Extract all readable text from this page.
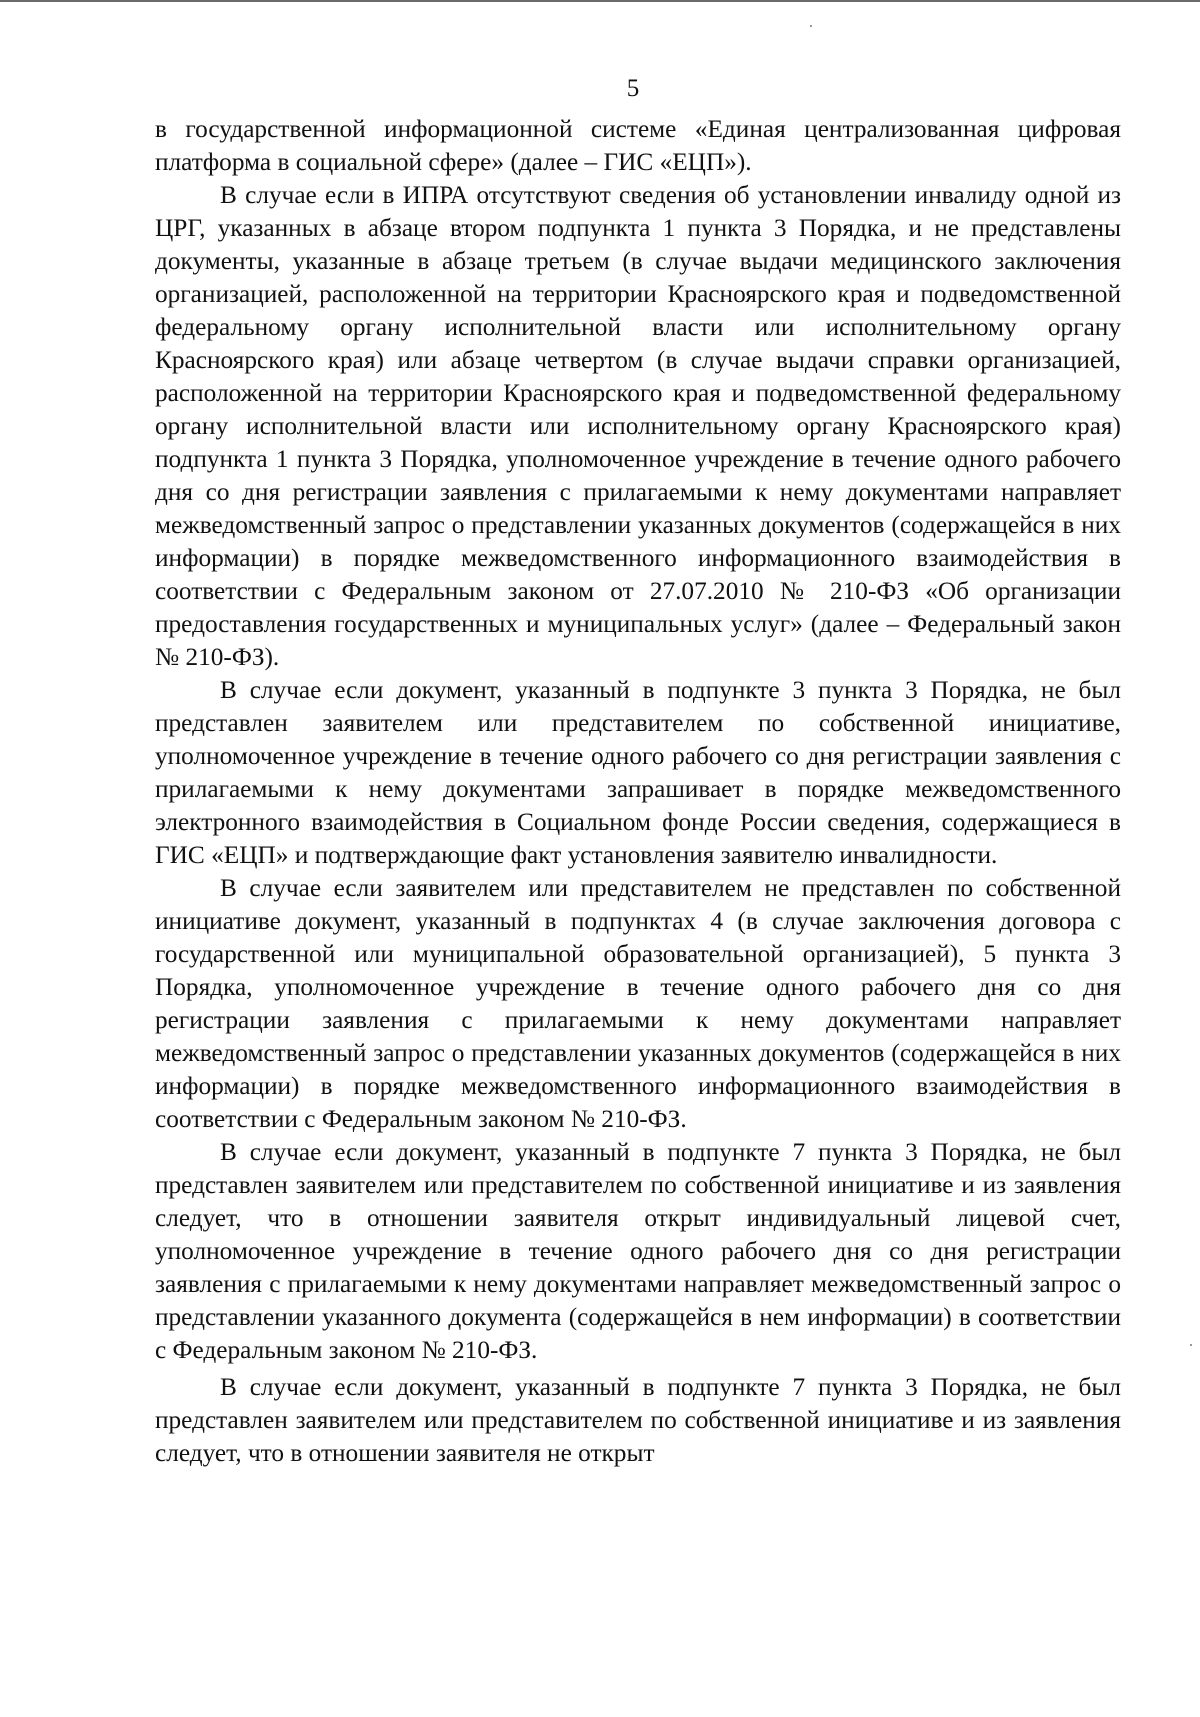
5

в государственной информационной системе «Единая централизованная цифровая платформа в социальной сфере» (далее – ГИС «ЕЦП»).

В случае если в ИПРА отсутствуют сведения об установлении инвалиду одной из ЦРГ, указанных в абзаце втором подпункта 1 пункта 3 Порядка, и не представлены документы, указанные в абзаце третьем (в случае выдачи медицинского заключения организацией, расположенной на территории Красноярского края и подведомственной федеральному органу исполнительной власти или исполнительному органу Красноярского края) или абзаце четвертом (в случае выдачи справки организацией, расположенной на территории Красноярского края и подведомственной федеральному органу исполнительной власти или исполнительному органу Красноярского края) подпункта 1 пункта 3 Порядка, уполномоченное учреждение в течение одного рабочего дня со дня регистрации заявления с прилагаемыми к нему документами направляет межведомственный запрос о представлении указанных документов (содержащейся в них информации) в порядке межведомственного информационного взаимодействия в соответствии с Федеральным законом от 27.07.2010 № 210-ФЗ «Об организации предоставления государственных и муниципальных услуг» (далее – Федеральный закон № 210-ФЗ).

В случае если документ, указанный в подпункте 3 пункта 3 Порядка, не был представлен заявителем или представителем по собственной инициативе, уполномоченное учреждение в течение одного рабочего со дня регистрации заявления с прилагаемыми к нему документами запрашивает в порядке межведомственного электронного взаимодействия в Социальном фонде России сведения, содержащиеся в ГИС «ЕЦП» и подтверждающие факт установления заявителю инвалидности.

В случае если заявителем или представителем не представлен по собственной инициативе документ, указанный в подпунктах 4 (в случае заключения договора с государственной или муниципальной образовательной организацией), 5 пункта 3 Порядка, уполномоченное учреждение в течение одного рабочего дня со дня регистрации заявления с прилагаемыми к нему документами направляет межведомственный запрос о представлении указанных документов (содержащейся в них информации) в порядке межведомственного информационного взаимодействия в соответствии с Федеральным законом № 210-ФЗ.

В случае если документ, указанный в подпункте 7 пункта 3 Порядка, не был представлен заявителем или представителем по собственной инициативе и из заявления следует, что в отношении заявителя открыт индивидуальный лицевой счет, уполномоченное учреждение в течение одного рабочего дня со дня регистрации заявления с прилагаемыми к нему документами направляет межведомственный запрос о представлении указанного документа (содержащейся в нем информации) в соответствии с Федеральным законом № 210-ФЗ.

В случае если документ, указанный в подпункте 7 пункта 3 Порядка, не был представлен заявителем или представителем по собственной инициативе и из заявления следует, что в отношении заявителя не открыт
